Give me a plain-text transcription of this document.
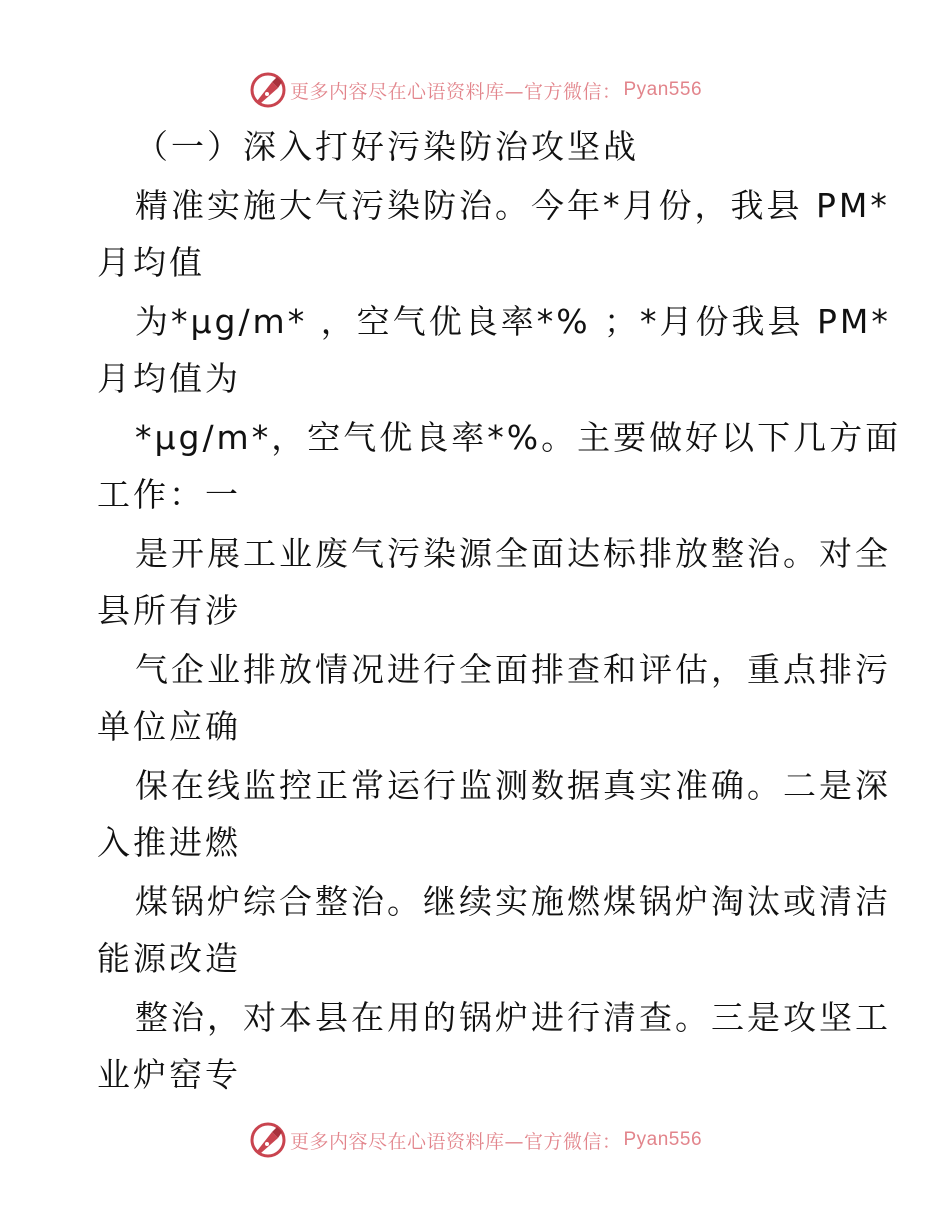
更多内容尽在心语资料库—官方微信： Pyan556
（一）深入打好污染防治攻坚战
精准实施大气污染防治。今年*月份，我县 PM*
月均值
为*μg/m* ，空气优良率*% ；*月份我县 PM*
月均值为
*μg/m*，空气优良率*%。主要做好以下几方面
工作：一
是开展工业废气污染源全面达标排放整治。对全
县所有涉
气企业排放情况进行全面排查和评估，重点排污
单位应确
保在线监控正常运行监测数据真实准确。二是深
入推进燃
煤锅炉综合整治。继续实施燃煤锅炉淘汰或清洁
能源改造
整治，对本县在用的锅炉进行清查。三是攻坚工
业炉窑专
更多内容尽在心语资料库—官方微信： Pyan556
